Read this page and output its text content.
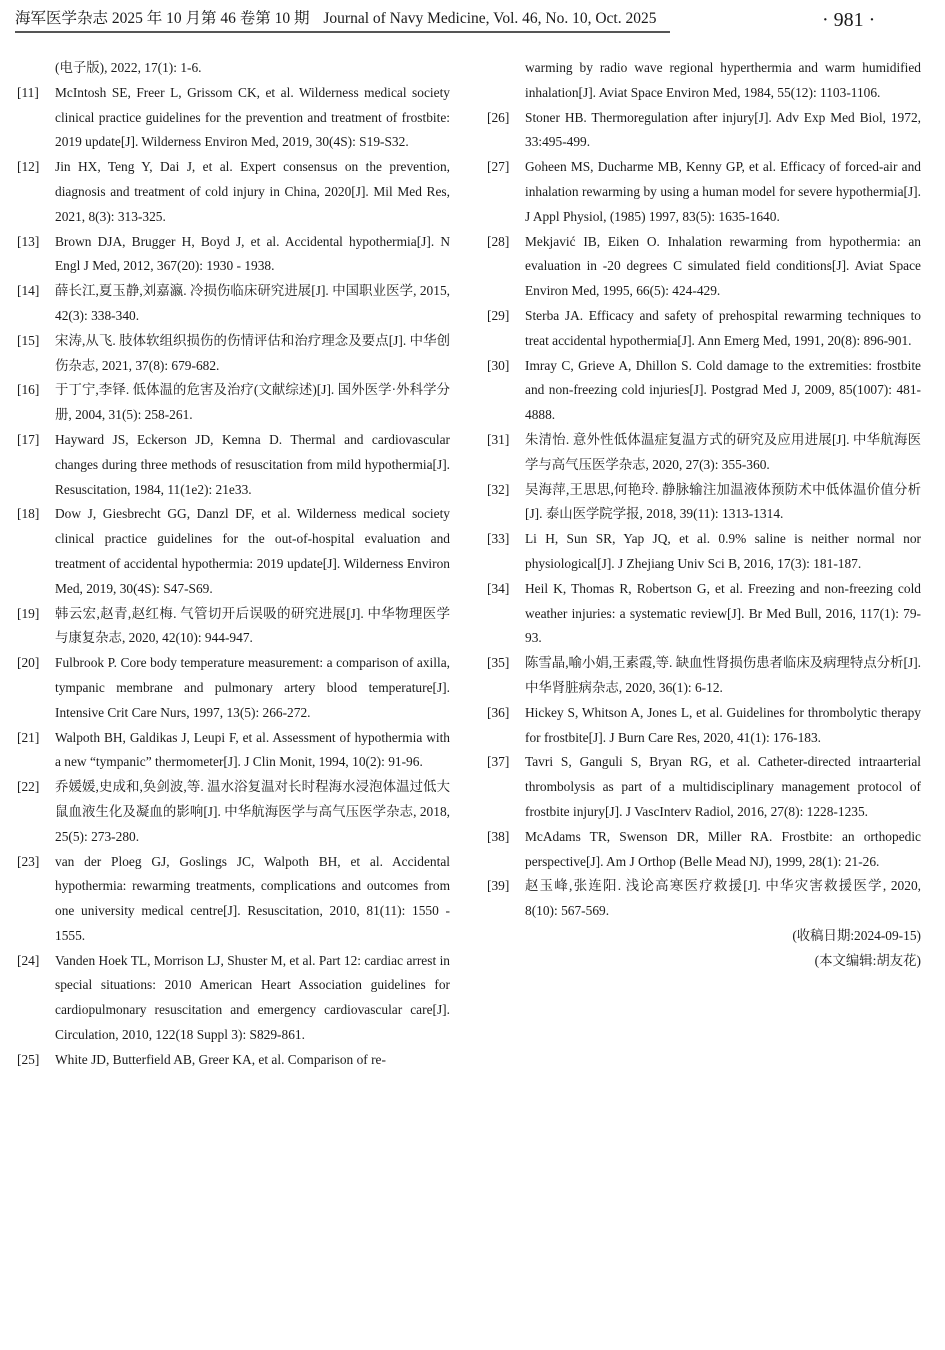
海军医学杂志 2025 年 10 月第 46 卷第 10 期 Journal of Navy Medicine, Vol. 46, No. 10, Oct. 2025	· 981 ·
(电子版), 2022, 17(1): 1-6.
[11] McIntosh SE, Freer L, Grissom CK, et al. Wilderness medical society clinical practice guidelines for the prevention and treatment of frostbite: 2019 update[J]. Wilderness Environ Med, 2019, 30(4S): S19-S32.
[12] Jin HX, Teng Y, Dai J, et al. Expert consensus on the prevention, diagnosis and treatment of cold injury in China, 2020[J]. Mil Med Res, 2021, 8(3): 313-325.
[13] Brown DJA, Brugger H, Boyd J, et al. Accidental hypothermia[J]. N Engl J Med, 2012, 367(20): 1930 - 1938.
[14] 薛长江,夏玉静,刘嘉瀛. 冷损伤临床研究进展[J]. 中国职业医学, 2015, 42(3): 338-340.
[15] 宋涛,从飞. 肢体软组织损伤的伤情评估和治疗理念及要点[J]. 中华创伤杂志, 2021, 37(8): 679-682.
[16] 于丁宁,李铎. 低体温的危害及治疗(文献综述)[J]. 国外医学·外科学分册, 2004, 31(5): 258-261.
[17] Hayward JS, Eckerson JD, Kemna D. Thermal and cardiovascular changes during three methods of resuscitation from mild hypothermia[J]. Resuscitation, 1984, 11(1e2): 21e33.
[18] Dow J, Giesbrecht GG, Danzl DF, et al. Wilderness medical society clinical practice guidelines for the out-of-hospital evaluation and treatment of accidental hypothermia: 2019 update[J]. Wilderness Environ Med, 2019, 30(4S): S47-S69.
[19] 韩云宏,赵青,赵红梅. 气管切开后误吸的研究进展[J]. 中华物理医学与康复杂志, 2020, 42(10): 944-947.
[20] Fulbrook P. Core body temperature measurement: a comparison of axilla, tympanic membrane and pulmonary artery blood temperature[J]. Intensive Crit Care Nurs, 1997, 13(5): 266-272.
[21] Walpoth BH, Galdikas J, Leupi F, et al. Assessment of hypothermia with a new “tympanic” thermometer[J]. J Clin Monit, 1994, 10(2): 91-96.
[22] 乔媛媛,史成和,奂剑波,等. 温水浴复温对长时程海水浸泡体温过低大鼠血液生化及凝血的影响[J]. 中华航海医学与高气压医学杂志, 2018, 25(5): 273-280.
[23] van der Ploeg GJ, Goslings JC, Walpoth BH, et al. Accidental hypothermia: rewarming treatments, complications and outcomes from one university medical centre[J]. Resuscitation, 2010, 81(11): 1550 - 1555.
[24] Vanden Hoek TL, Morrison LJ, Shuster M, et al. Part 12: cardiac arrest in special situations: 2010 American Heart Association guidelines for cardiopulmonary resuscitation and emergency cardiovascular care[J]. Circulation, 2010, 122(18 Suppl 3): S829-861.
[25] White JD, Butterfield AB, Greer KA, et al. Comparison of re-
warming by radio wave regional hyperthermia and warm humidified inhalation[J]. Aviat Space Environ Med, 1984, 55(12): 1103-1106.
[26] Stoner HB. Thermoregulation after injury[J]. Adv Exp Med Biol, 1972, 33:495-499.
[27] Goheen MS, Ducharme MB, Kenny GP, et al. Efficacy of forced-air and inhalation rewarming by using a human model for severe hypothermia[J]. J Appl Physiol, (1985) 1997, 83(5): 1635-1640.
[28] Mekjavić IB, Eiken O. Inhalation rewarming from hypothermia: an evaluation in -20 degrees C simulated field conditions[J]. Aviat Space Environ Med, 1995, 66(5): 424-429.
[29] Sterba JA. Efficacy and safety of prehospital rewarming techniques to treat accidental hypothermia[J]. Ann Emerg Med, 1991, 20(8): 896-901.
[30] Imray C, Grieve A, Dhillon S. Cold damage to the extremities: frostbite and non-freezing cold injuries[J]. Postgrad Med J, 2009, 85(1007): 481-4888.
[31] 朱清怡. 意外性低体温症复温方式的研究及应用进展[J]. 中华航海医学与高气压医学杂志, 2020, 27(3): 355-360.
[32] 吴海萍,王思思,何艳玲. 静脉输注加温液体预防术中低体温价值分析[J]. 泰山医学院学报, 2018, 39(11): 1313-1314.
[33] Li H, Sun SR, Yap JQ, et al. 0.9% saline is neither normal nor physiological[J]. J Zhejiang Univ Sci B, 2016, 17(3): 181-187.
[34] Heil K, Thomas R, Robertson G, et al. Freezing and non-freezing cold weather injuries: a systematic review[J]. Br Med Bull, 2016, 117(1): 79-93.
[35] 陈雪晶,喻小娟,王素霞,等. 缺血性肾损伤患者临床及病理特点分析[J]. 中华肾脏病杂志, 2020, 36(1): 6-12.
[36] Hickey S, Whitson A, Jones L, et al. Guidelines for thrombolytic therapy for frostbite[J]. J Burn Care Res, 2020, 41(1): 176-183.
[37] Tavri S, Ganguli S, Bryan RG, et al. Catheter-directed intraarterial thrombolysis as part of a multidisciplinary management protocol of frostbite injury[J]. J VascInterv Radiol, 2016, 27(8): 1228-1235.
[38] McAdams TR, Swenson DR, Miller RA. Frostbite: an orthopedic perspective[J]. Am J Orthop (Belle Mead NJ), 1999, 28(1): 21-26.
[39] 赵玉峰,张连阳. 浅论高寒医疗救援[J]. 中华灾害救援医学, 2020, 8(10): 567-569.
(收稿日期:2024-09-15)
(本文编辑:胡友花)
